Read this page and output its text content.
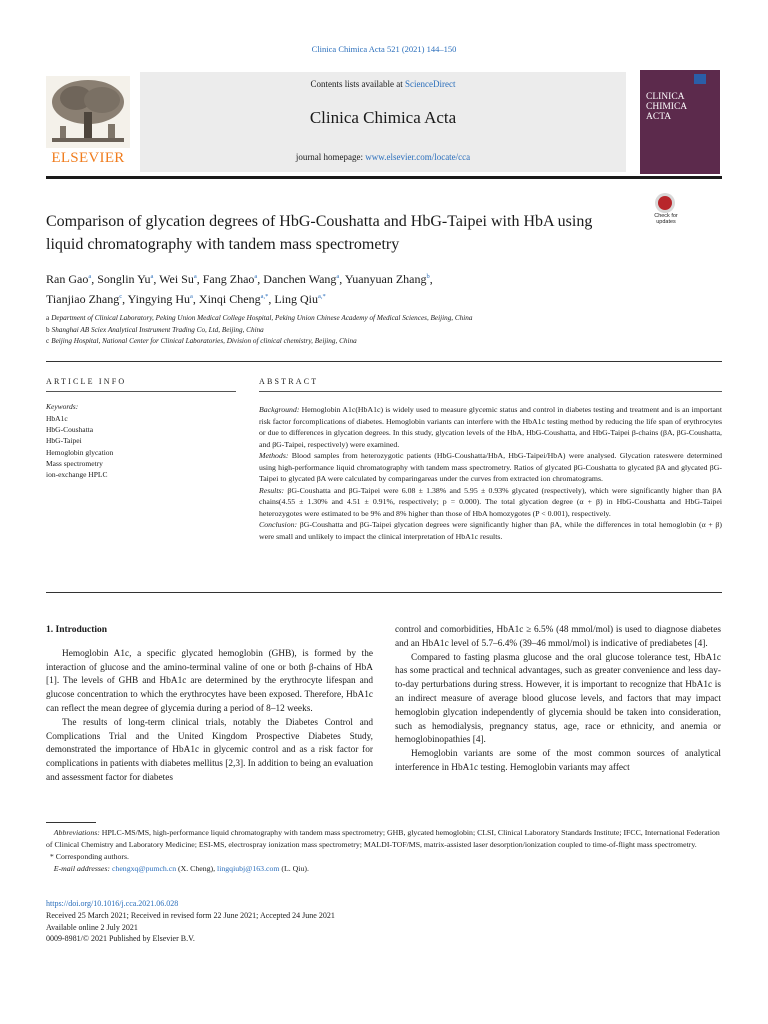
Clinica Chimica Acta 521 (2021) 144–150
Contents lists available at ScienceDirect
Clinica Chimica Acta
journal homepage: www.elsevier.com/locate/cca
ELSEVIER
CLINICA
CHIMICA
ACTA
Comparison of glycation degrees of HbG-Coushatta and HbG-Taipei with HbA using liquid chromatography with tandem mass spectrometry
Check for
updates
Ran Gao$^a$, Songlin Yu$^a$, Wei Su$^a$, Fang Zhao$^a$, Danchen Wang$^a$, Yuanyuan Zhang$^b$,
Tianjiao Zhang$^c$, Yingying Hu$^a$, Xinqi Cheng$^{a,*}$, Ling Qiu$^{a,*}$
a Department of Clinical Laboratory, Peking Union Medical College Hospital, Peking Union Chinese Academy of Medical Sciences, Beijing, China
b Shanghai AB Sciex Analytical Instrument Trading Co, Ltd, Beijing, China
c Beijing Hospital, National Center for Clinical Laboratories, Division of clinical chemistry, Beijing, China
ARTICLE INFO
Keywords:
HbA1c
HbG-Coushatta
HbG-Taipei
Hemoglobin glycation
Mass spectrometry
ion-exchange HPLC
ABSTRACT

Background: Hemoglobin A1c(HbA1c) is widely used to measure glycemic status and control in diabetes testing and treatment and is an important risk factor forcomplications of diabetes. Hemoglobin variants can interfere with the HbA1c testing method by reducing the life span of erythrocytes or due to differences in glycation degrees. In this study, glycation levels of the HbA, HbG-Coushatta, and HbG-Taipei β-chains (βA, βG-Coushatta, and βG-Taipei, respectively) were examined.

Methods: Blood samples from heterozygotic patients (HbG-Coushatta/HbA, HbG-Taipei/HbA) were analysed. Glycation rateswere determined using high-performance liquid chromatography with tandem mass spectrometry. Ratios of glycated βG-Coushatta to glycated βA and glycated βG-Taipei to glycated βA were calculated by comparingareas under the curves from extracted ion chromatograms.

Results: βG-Coushatta and βG-Taipei were 6.08 ± 1.38% and 5.95 ± 0.93% glycated (respectively), which were significantly higher than βA chains(4.55 ± 1.30% and 4.51 ± 0.91%, respectively; p = 0.000). The total glycation degree (α + β) in HbG-Coushatta and HbG-Taipei heterozygotes were estimated to be 9% and 8% higher than those of HbA homozygotes (P < 0.001), respectively.

Conclusion: βG-Coushatta and βG-Taipei glycation degrees were significantly higher than βA, while the differences in total hemoglobin (α + β) were small and unlikely to impact the clinical interpretation of HbA1c results.

1. Introduction

Hemoglobin A1c, a specific glycated hemoglobin (GHB), is formed by the interaction of glucose and the amino-terminal valine of one or both β-chains of HbA [1]. The levels of GHB and HbA1c are determined by the erythrocyte lifespan and glucose concentration to which the erythrocytes have been exposed. Therefore, HbA1c can reflect the mean degree of glycemia during a period of 8–12 weeks.

The results of long-term clinical trials, notably the Diabetes Control and Complications Trial and the United Kingdom Prospective Diabetes Study, demonstrated the importance of HbA1c in glycemic control and as a risk factor for complications in patients with diabetes mellitus [2,3]. In addition to being an evaluation and assessment factor for diabetes

control and comorbidities, HbA1c ≥ 6.5% (48 mmol/mol) is used to diagnose diabetes and an HbA1c level of 5.7–6.4% (39–46 mmol/mol) is indicative of prediabetes [4].

Compared to fasting plasma glucose and the oral glucose tolerance test, HbA1c has some practical and technical advantages, such as greater convenience and less day-to-day perturbations during stress. However, it is important to recognize that HbA1c is an indirect measure of average blood glucose levels, and factors that may impact hemoglobin glycation independently of glycemia should be taken into consideration, such as hemodialysis, pregnancy status, age, race or ethnicity, and anemia or hemoglobinopathies [4].

Hemoglobin variants are some of the most common sources of analytical interference in HbA1c testing. Hemoglobin variants may affect

Abbreviations: HPLC-MS/MS, high-performance liquid chromatography with tandem mass spectrometry; GHB, glycated hemoglobin; CLSI, Clinical Laboratory Standards Institute; IFCC, International Federation of Clinical Chemistry and Laboratory Medicine; ESI-MS, electrospray ionization mass spectrometry; MALDI-TOF/MS, matrix-assisted laser desorption/ionization coupled to time-of-flight mass spectrometry.

* Corresponding authors.

E-mail addresses: chengxq@pumch.cn (X. Cheng), lingqiubj@163.com (L. Qiu).

https://doi.org/10.1016/j.cca.2021.06.028

Received 25 March 2021; Received in revised form 22 June 2021; Accepted 24 June 2021

Available online 2 July 2021

0009-8981/© 2021 Published by Elsevier B.V.
